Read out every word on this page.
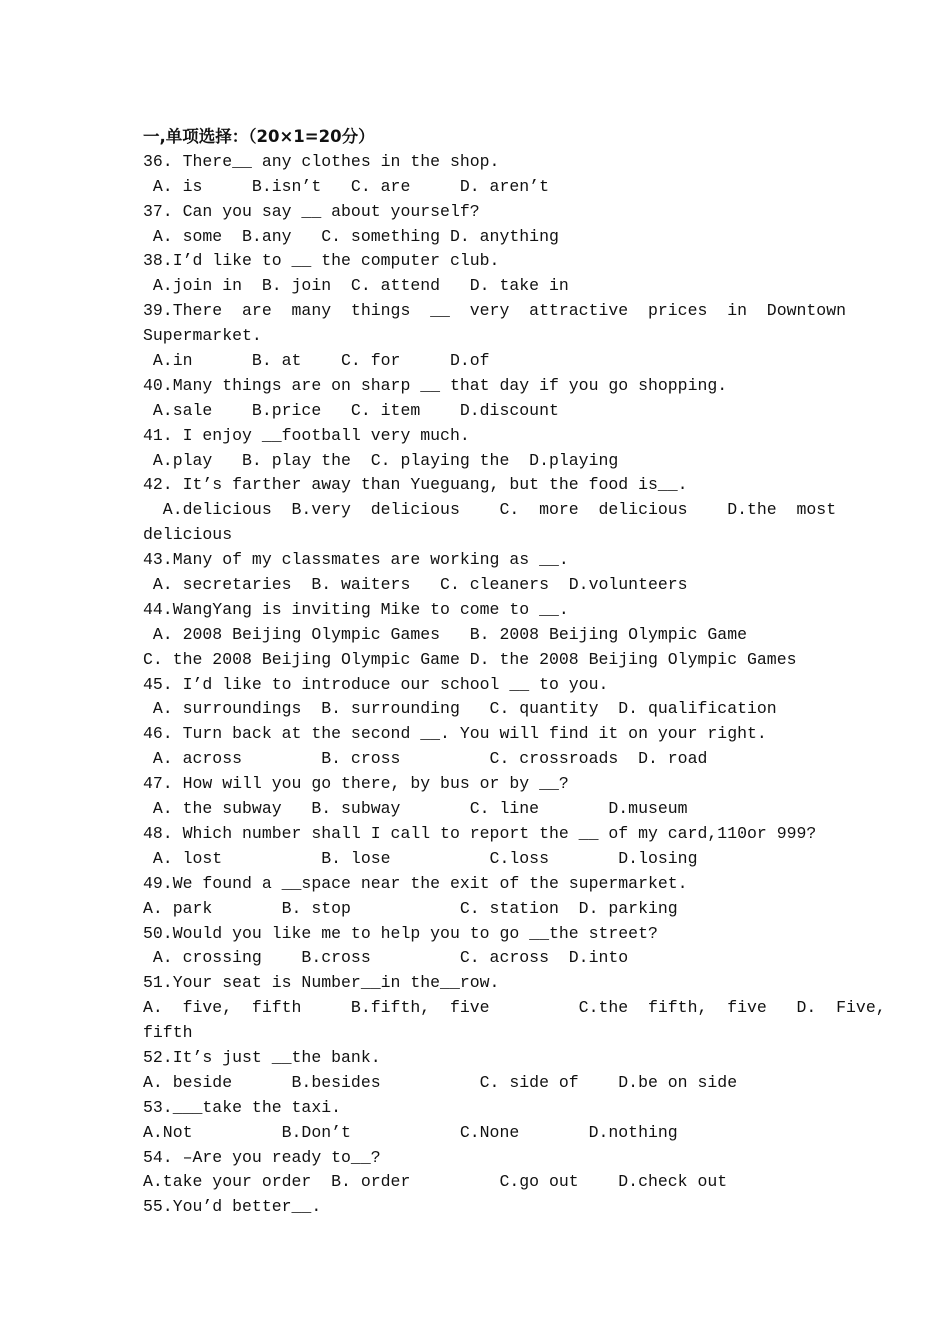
一,单项选择：（20×1=20分）
36. There__ any clothes in the shop.
A. is     B.isn’t   C. are     D. aren’t
37. Can you say __ about yourself?
A. some  B.any   C. something D. anything
38.I’d like to __ the computer club.
A.join in  B. join  C. attend   D. take in
39.There  are  many  things  __  very  attractive  prices  in  Downtown
Supermarket.
A.in      B. at    C. for     D.of
40.Many things are on sharp __ that day if you go shopping.
A.sale    B.price   C. item    D.discount
41. I enjoy __football very much.
A.play   B. play the  C. playing the  D.playing
42. It’s farther away than Yueguang, but the food is__.
A.delicious  B.very  delicious    C.  more  delicious    D.the  most
delicious
43.Many of my classmates are working as __.
A. secretaries  B. waiters   C. cleaners  D.volunteers
44.WangYang is inviting Mike to come to __.
A. 2008 Beijing Olympic Games   B. 2008 Beijing Olympic Game
C. the 2008 Beijing Olympic Game D. the 2008 Beijing Olympic Games
45. I’d like to introduce our school __ to you.
A. surroundings  B. surrounding   C. quantity  D. qualification
46. Turn back at the second __. You will find it on your right.
A. across        B. cross         C. crossroads  D. road
47. How will you go there, by bus or by __?
A. the subway   B. subway       C. line       D.museum
48. Which number shall I call to report the __ of my card,110or 999?
A. lost          B. lose          C.loss       D.losing
49.We found a __space near the exit of the supermarket.
A. park       B. stop           C. station  D. parking
50.Would you like me to help you to go __the street?
A. crossing    B.cross         C. across  D.into
51.Your seat is Number__in the__row.
A.  five,  fifth     B.fifth,  five         C.the  fifth,  five   D.  Five,
fifth
52.It’s just __the bank.
A. beside      B.besides          C. side of    D.be on side
53.___take the taxi.
A.Not         B.Don’t           C.None       D.nothing
54. –Are you ready to__?
A.take your order  B. order         C.go out    D.check out
55.You’d better__.
